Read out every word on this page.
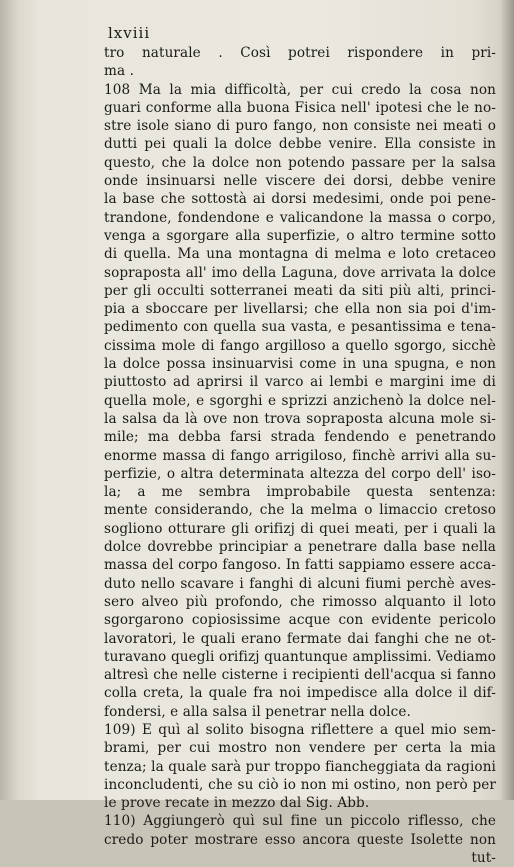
lxviii
tro naturale . Così potrei rispondere in pri-
ma .
108 Ma la mia difficoltà, per cui credo la cosa non
guari conforme alla buona Fisica nell' ipotesi che le no-
stre isole siano di puro fango, non consiste nei meati o
dutti pei quali la dolce debbe venire. Ella consiste in
questo, che la dolce non potendo passare per la salsa
onde insinuarsi nelle viscere dei dorsi, debbe venire
la base che sottostà ai dorsi medesimi, onde poi pene-
trandone, fondendone e valicandone la massa o corpo,
venga a sgorgare alla superfizie, o altro termine sotto
di quella. Ma una montagna di melma e loto cretaceo
sopraposta all' imo della Laguna, dove arrivata la dolce
per gli occulti sotterranei meati da siti più alti, princi-
pia a sboccare per livellarsi; che ella non sia poi d'im-
pedimento con quella sua vasta, e pesantissima e tena-
cissima mole di fango argilloso a quello sgorgo, sicchè
la dolce possa insinuarvisi come in una spugna, e non
piuttosto ad aprirsi il varco ai lembi e margini ime di
quella mole, e sgorghi e sprizzi anzichenò la dolce nel-
la salsa da là ove non trova sopraposta alcuna mole si-
mile; ma debba farsi strada fendendo e penetrando
enorme massa di fango arrigiloso, finchè arrivi alla su-
perfizie, o altra determinata altezza del corpo dell' iso-
la; a me sembra improbabile questa sentenza:
mente considerando, che la melma o limaccio cretoso
sogliono otturare gli orifizj di quei meati, per i quali la
dolce dovrebbe principiar a penetrare dalla base nella
massa del corpo fangoso. In fatti sappiamo essere acca-
duto nello scavare i fanghi di alcuni fiumi perchè aves-
sero alveo più profondo, che rimosso alquanto il loto
sgorgarono copiosissime acque con evidente pericolo
lavoratori, le quali erano fermate dai fanghi che ne ot-
turavano quegli orifizj quantunque amplissimi. Vediamo
altresì che nelle cisterne i recipienti dell'acqua si fanno
colla creta, la quale fra noi impedisce alla dolce il dif-
fondersi, e alla salsa il penetrar nella dolce.
109) E quì al solito bisogna riflettere a quel mio sem-
brami, per cui mostro non vendere per certa la mia
tenza; la quale sarà pur troppo fiancheggiata da ragioni
inconcludenti, che su ciò io non mi ostino, non però per
le prove recate in mezzo dal Sig. Abb.
110) Aggiungerò quì sul fine un piccolo riflesso, che
credo poter mostrare esso ancora queste Isolette non
tut-
